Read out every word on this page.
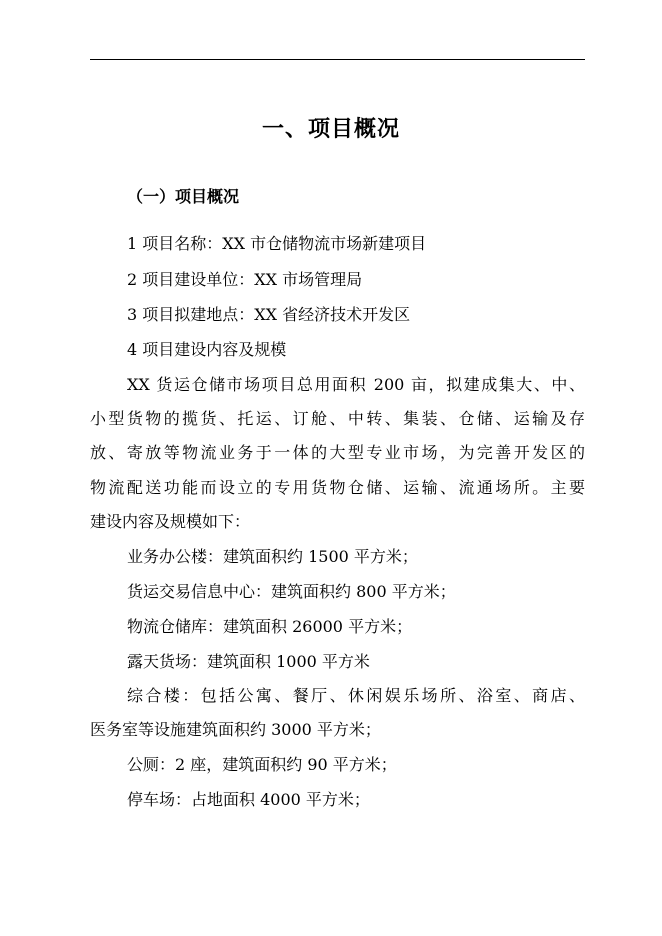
一、项目概况
（一）项目概况
1 项目名称：XX 市仓储物流市场新建项目
2 项目建设单位：XX 市场管理局
3 项目拟建地点：XX 省经济技术开发区
4 项目建设内容及规模
XX 货运仓储市场项目总用面积 200 亩，拟建成集大、中、
小型货物的揽货、托运、订舱、中转、集装、仓储、运输及存
放、寄放等物流业务于一体的大型专业市场，为完善开发区的
物流配送功能而设立的专用货物仓储、运输、流通场所。主要
建设内容及规模如下：
业务办公楼：建筑面积约 1500 平方米；
货运交易信息中心：建筑面积约 800 平方米；
物流仓储库：建筑面积 26000 平方米；
露天货场：建筑面积 1000 平方米
综合楼：包括公寓、餐厅、休闲娱乐场所、浴室、商店、
医务室等设施建筑面积约 3000 平方米；
公厕：2 座，建筑面积约 90 平方米；
停车场：占地面积 4000 平方米；
